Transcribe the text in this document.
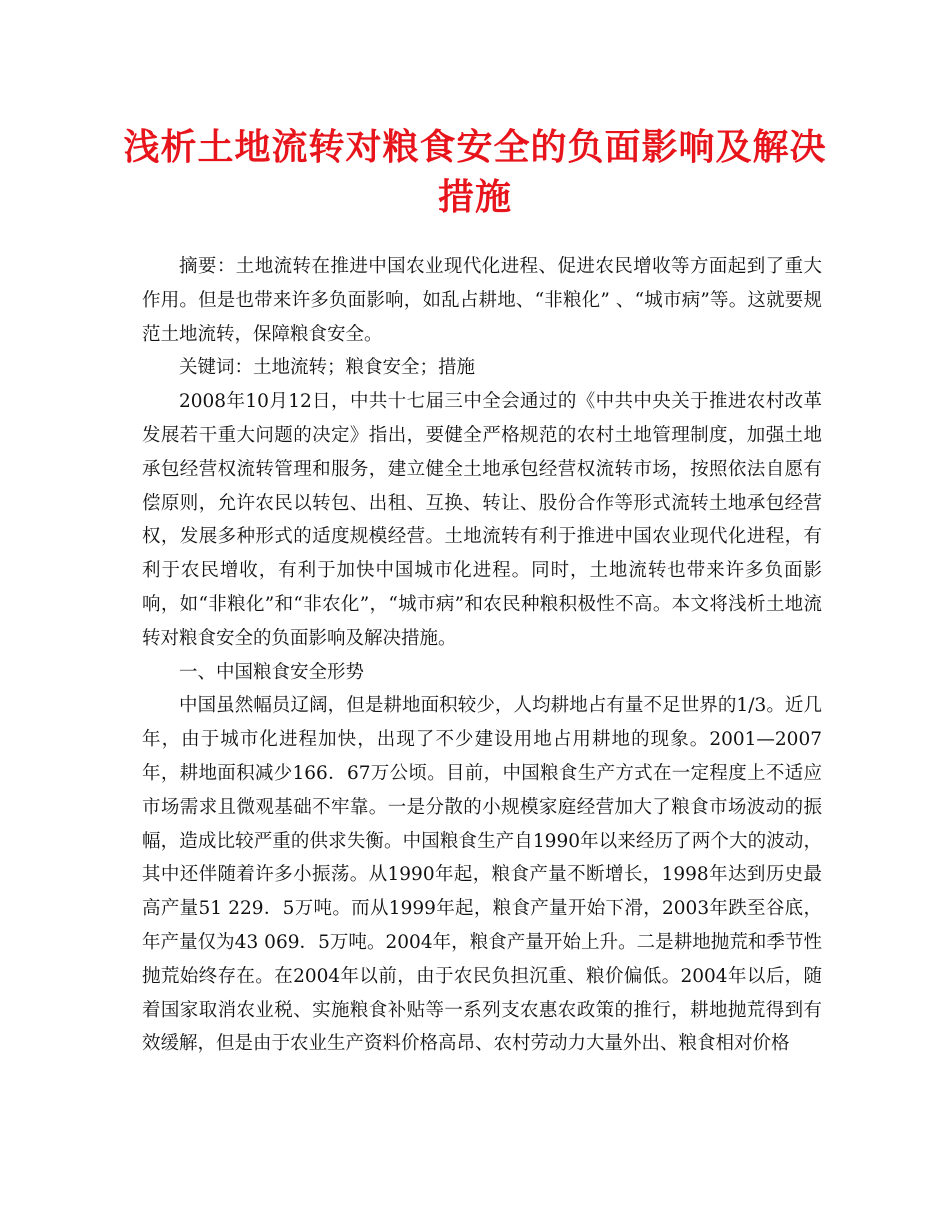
浅析土地流转对粮食安全的负面影响及解决措施

摘要：土地流转在推进中国农业现代化进程、促进农民增收等方面起到了重大作用。但是也带来许多负面影响，如乱占耕地、“非粮化” 、“城市病”等。这就要规范土地流转，保障粮食安全。

关键词：土地流转；粮食安全；措施

2008年10月12日，中共十七届三中全会通过的《中共中央关于推进农村改革发展若干重大问题的决定》指出，要健全严格规范的农村土地管理制度，加强土地承包经营权流转管理和服务，建立健全土地承包经营权流转市场，按照依法自愿有偿原则，允许农民以转包、出租、互换、转让、股份合作等形式流转土地承包经营权，发展多种形式的适度规模经营。土地流转有利于推进中国农业现代化进程，有利于农民增收，有利于加快中国城市化进程。同时，土地流转也带来许多负面影响，如“非粮化”和“非农化”，“城市病”和农民种粮积极性不高。本文将浅析土地流转对粮食安全的负面影响及解决措施。

一、中国粮食安全形势

中国虽然幅员辽阔，但是耕地面积较少，人均耕地占有量不足世界的1/3。近几年，由于城市化进程加快，出现了不少建设用地占用耕地的现象。2001—2007年，耕地面积减少166．67万公顷。目前，中国粮食生产方式在一定程度上不适应市场需求且微观基础不牢靠。一是分散的小规模家庭经营加大了粮食市场波动的振幅，造成比较严重的供求失衡。中国粮食生产自1990年以来经历了两个大的波动，其中还伴随着许多小振荡。从1990年起，粮食产量不断增长，1998年达到历史最高产量51 229．5万吨。而从1999年起，粮食产量开始下滑，2003年跌至谷底，年产量仅为43 069．5万吨。2004年，粮食产量开始上升。二是耕地抛荒和季节性抛荒始终存在。在2004年以前，由于农民负担沉重、粮价偏低。2004年以后，随着国家取消农业税、实施粮食补贴等一系列支农惠农政策的推行，耕地抛荒得到有效缓解，但是由于农业生产资料价格高昂、农村劳动力大量外出、粮食相对价格
